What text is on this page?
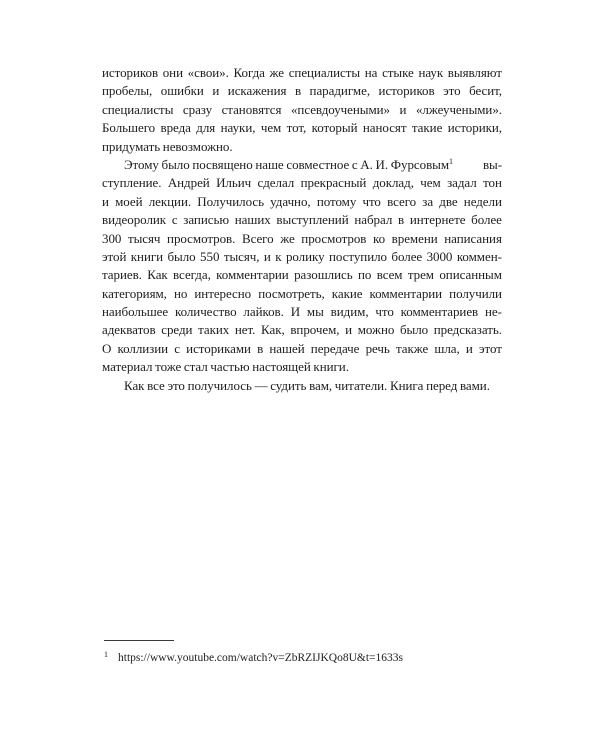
историков они «свои». Когда же специалисты на стыке наук выявляют
пробелы, ошибки и искажения в парадигме, историков это бесит,
специалисты сразу становятся «псевдоучеными» и «лжеучеными».
Большего вреда для науки, чем тот, который наносят такие историки,
придумать невозможно.
Этому было посвящено наше совместное с А. И. Фурсовым$^1$ вы-
ступление. Андрей Ильич сделал прекрасный доклад, чем задал тон
и моей лекции. Получилось удачно, потому что всего за две недели
видеоролик с записью наших выступлений набрал в интернете более
300 тысяч просмотров. Всего же просмотров ко времени написания
этой книги было 550 тысяч, и к ролику поступило более 3000 коммен-
тариев. Как всегда, комментарии разошлись по всем трем описанным
категориям, но интересно посмотреть, какие комментарии получили
наибольшее количество лайков. И мы видим, что комментариев не-
адекватов среди таких нет. Как, впрочем, и можно было предсказать.
О коллизии с историками в нашей передаче речь также шла, и этот
материал тоже стал частью настоящей книги.
Как все это получилось — судить вам, читатели. Книга перед вами.
$^1$ https://www.youtube.com/watch?v=ZbRZIJKQo8U&t=1633s
